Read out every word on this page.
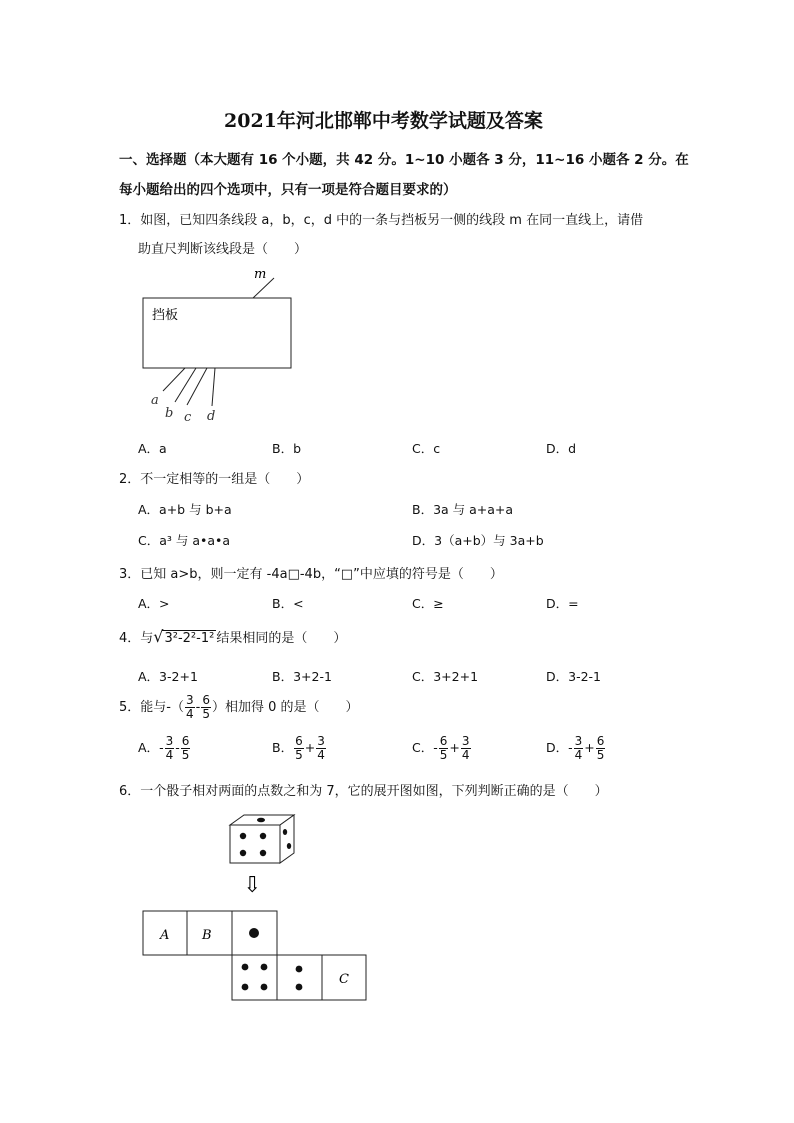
2021年河北邯郸中考数学试题及答案
一、选择题（本大题有 16 个小题，共 42 分。1~10 小题各 3 分，11~16 小题各 2 分。在
每小题给出的四个选项中，只有一项是符合题目要求的）
1．如图，已知四条线段 a，b，c，d 中的一条与挡板另一侧的线段 m 在同一直线上，请借
助直尺判断该线段是（　　）
m
挡板
a
b c d
A．a	B．b	C．c	D．d
2．不一定相等的一组是（　　）
A．a+b 与 b+a	B．3a 与 a+a+a
C．a³ 与 a•a•a	D．3（a+b）与 3a+b
3．已知 a>b，则一定有 -4a□-4b，“□”中应填的符号是（　　）
A．>	B．<	C．≥	D．=
4．与√3²-2²-1² 结果相同的是（　　）
A．3-2+1	B．3+2-1	C．3+2+1	D．3-2-1
5．能与-（ $\frac{3}{4} - \frac{6}{5}$ ）相加得 0 的是（　　）
A．- $\frac{3}{4} - \frac{6}{5}$	B． $\frac{6}{5} + \frac{3}{4}$	C．- $\frac{6}{5} + \frac{3}{4}$	D．- $\frac{3}{4} + \frac{6}{5}$
6．一个骰子相对两面的点数之和为 7，它的展开图如图，下列判断正确的是（　　）
⇩
A	B
C
